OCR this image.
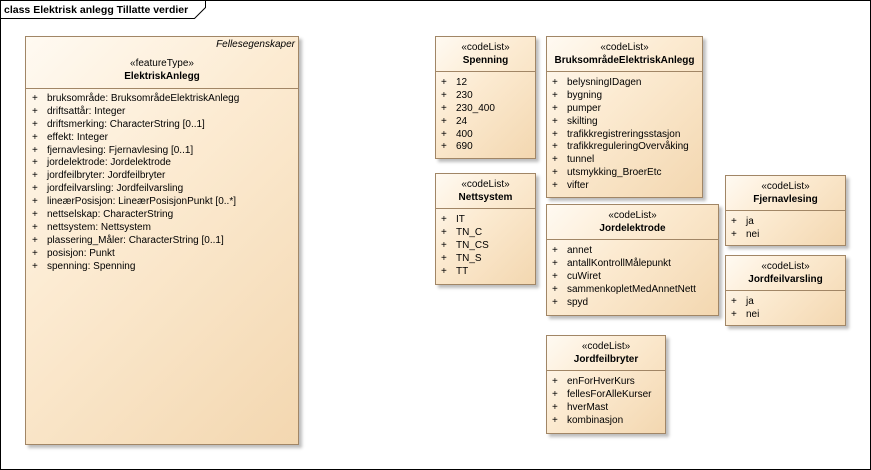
class Elektrisk anlegg Tillatte verdier
Fellesegenskaper
«featureType»
ElektriskAnlegg
+ bruksområde: BruksområdeElektriskAnlegg
+ driftsattår: Integer
+ driftsmerking: CharacterString [0..1]
+ effekt: Integer
+ fjernavlesing: Fjernavlesing [0..1]
+ jordelektrode: Jordelektrode
+ jordfeilbryter: Jordfeilbryter
+ jordfeilvarsling: Jordfeilvarsling
+ lineærPosisjon: LineærPosisjonPunkt [0..*]
+ nettselskap: CharacterString
+ nettsystem: Nettsystem
+ plassering_Måler: CharacterString [0..1]
+ posisjon: Punkt
+ spenning: Spenning
«codeList»
Spenning
+ 12
+ 230
+ 230_400
+ 24
+ 400
+ 690
«codeList»
BruksområdeElektriskAnlegg
+ belysningIDagen
+ bygning
+ pumper
+ skilting
+ trafikkregistreringsstasjon
+ trafikkreguleringOvervåking
+ tunnel
+ utsmykking_BroerEtc
+ vifter
«codeList»
Nettsystem
+ IT
+ TN_C
+ TN_CS
+ TN_S
+ TT
«codeList»
Jordelektrode
+ annet
+ antallKontrollMålepunkt
+ cuWiret
+ sammenkopletMedAnnetNett
+ spyd
«codeList»
Jordfeilbryter
+ enForHverKurs
+ fellesForAlleKurser
+ hverMast
+ kombinasjon
«codeList»
Fjernavlesing
+ ja
+ nei
«codeList»
Jordfeilvarsling
+ ja
+ nei
